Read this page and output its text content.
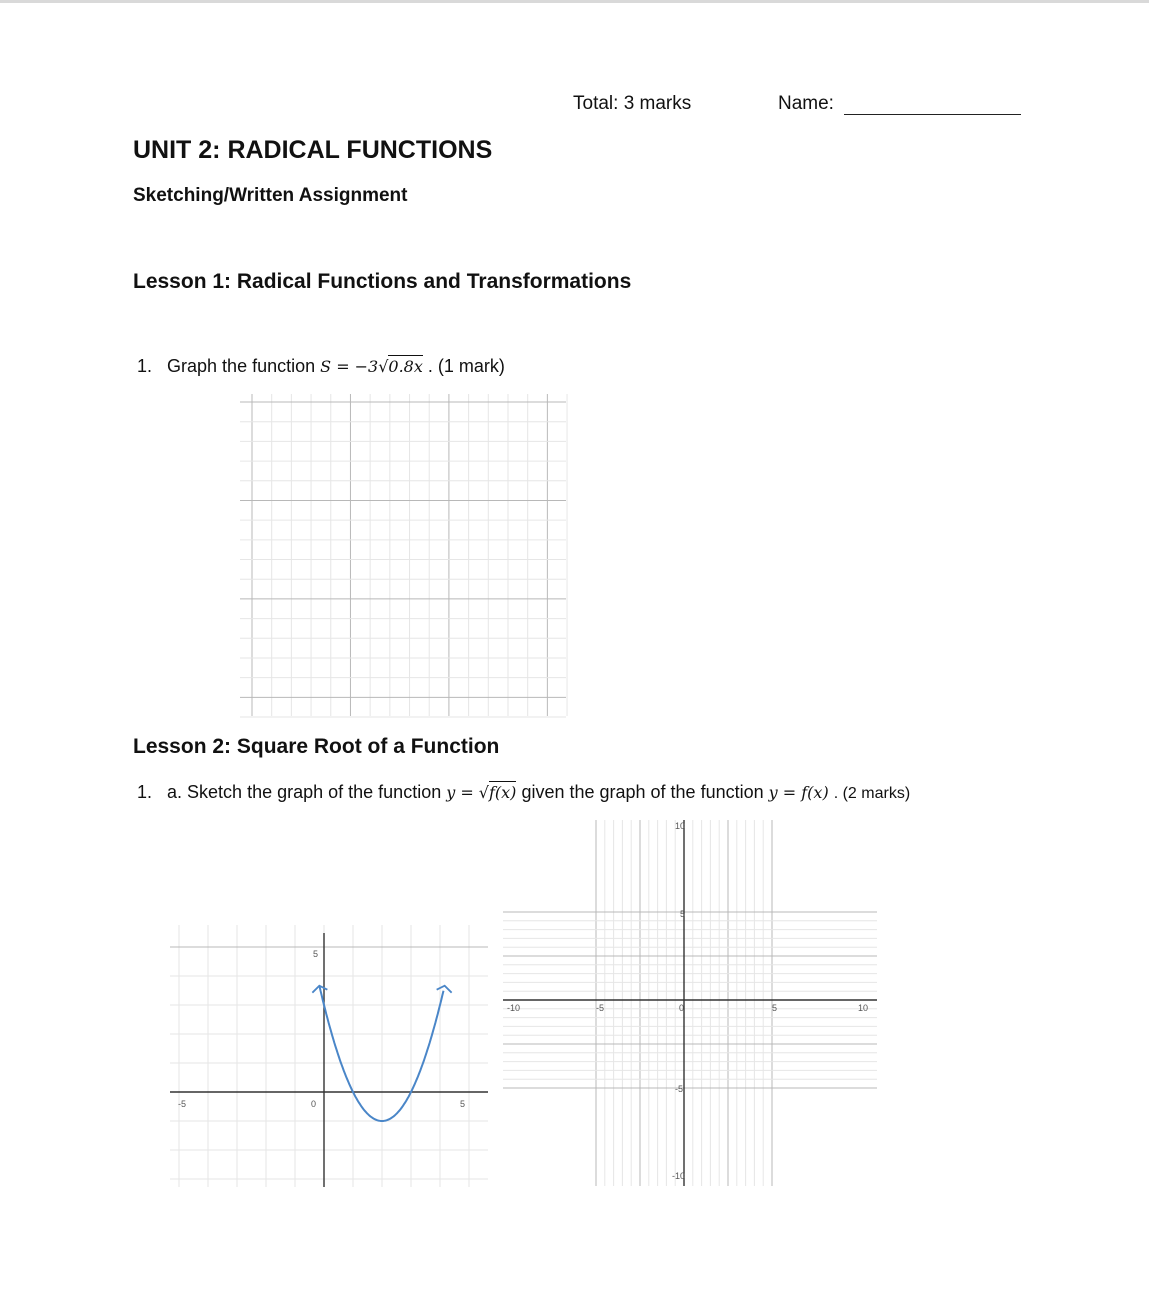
Total: 3 marks	Name:
UNIT 2: RADICAL FUNCTIONS
Sketching/Written Assignment
Lesson 1: Radical Functions and Transformations
1. Graph the function S = −3√0.8x . (1 mark)
Lesson 2: Square Root of a Function
1. a. Sketch the graph of the function y = √f(x) given the graph of the function y = f(x) . (2 marks)
-5	0	5
5
-10	-5	0	5	10
10
5
-5
-10
